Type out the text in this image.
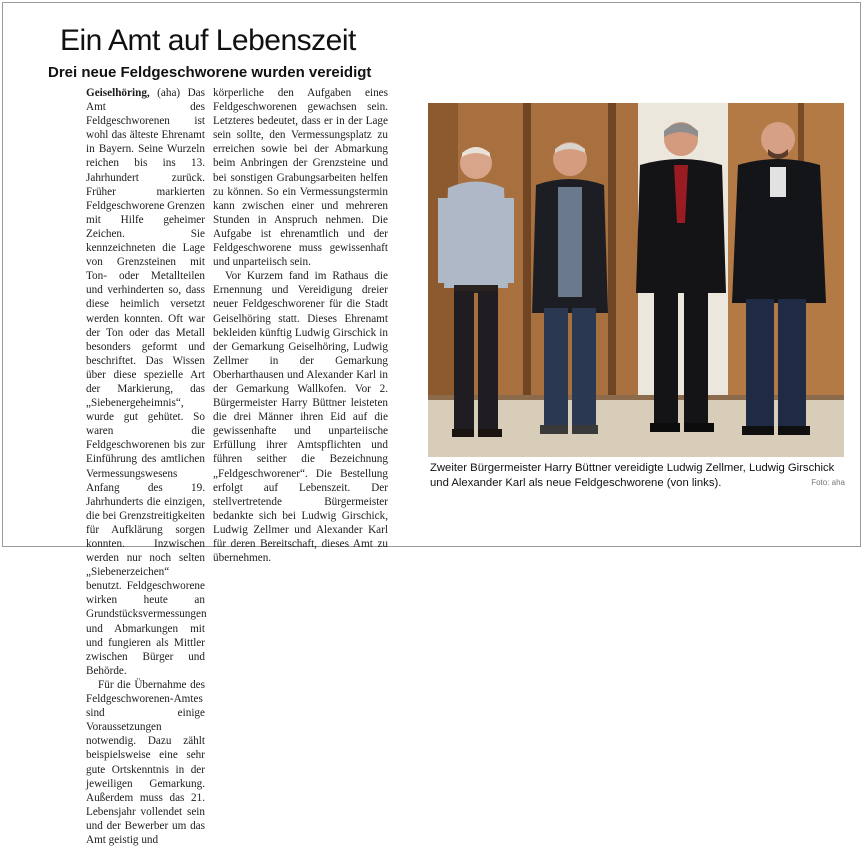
Ein Amt auf Lebenszeit
Drei neue Feldgeschworene wurden vereidigt

Geiselhöring, (aha) Das Amt des Feldgeschworenen ist wohl das älteste Ehrenamt in Bayern. Seine Wurzeln reichen bis ins 13. Jahrhundert zurück. Früher markierten Feldgeschworene Grenzen mit Hilfe geheimer Zeichen. Sie kennzeichneten die Lage von Grenzsteinen mit Ton- oder Metallteilen und verhinderten so, dass diese heimlich versetzt werden konnten. Oft war der Ton oder das Metall besonders geformt und beschriftet. Das Wissen über diese spezielle Art der Markierung, das „Siebenergeheimnis“, wurde gut gehütet. So waren die Feldgeschworenen bis zur Einführung des amtlichen Vermessungswesens Anfang des 19. Jahrhunderts die einzigen, die bei Grenzstreitigkeiten für Aufklärung sorgen konnten. Inzwischen werden nur noch selten „Siebenerzeichen“ benutzt. Feldgeschworene wirken heute an Grundstücksvermessungen und Abmarkungen mit und fungieren als Mittler zwischen Bürger und Behörde.

Für die Übernahme des Feldgeschworenen-Amtes sind einige Voraussetzungen notwendig. Dazu zählt beispielsweise eine sehr gute Ortskenntnis in der jeweiligen Gemarkung. Außerdem muss das 21. Lebensjahr vollendet sein und der Bewerber um das Amt geistig und

körperliche den Aufgaben eines Feldgeschworenen gewachsen sein. Letzteres bedeutet, dass er in der Lage sein sollte, den Vermessungsplatz zu erreichen sowie bei der Abmarkung beim Anbringen der Grenzsteine und bei sonstigen Grabungsarbeiten helfen zu können. So ein Vermessungstermin kann zwischen einer und mehreren Stunden in Anspruch nehmen. Die Aufgabe ist ehrenamtlich und der Feldgeschworene muss gewissenhaft und unparteiisch sein.

Vor Kurzem fand im Rathaus die Ernennung und Vereidigung dreier neuer Feldgeschworener für die Stadt Geiselhöring statt. Dieses Ehrenamt bekleiden künftig Ludwig Girschick in der Gemarkung Geiselhöring, Ludwig Zellmer in der Gemarkung Oberharthausen und Alexander Karl in der Gemarkung Wallkofen. Vor 2. Bürgermeister Harry Büttner leisteten die drei Männer ihren Eid auf die gewissenhafte und unparteiische Erfüllung ihrer Amtspflichten und führen seither die Bezeichnung „Feldgeschworener“. Die Bestellung erfolgt auf Lebenszeit. Der stellvertretende Bürgermeister bedankte sich bei Ludwig Girschick, Ludwig Zellmer und Alexander Karl für deren Bereitschaft, dieses Amt zu übernehmen.

Zweiter Bürgermeister Harry Büttner vereidigte Ludwig Zellmer, Ludwig Girschick und Alexander Karl als neue Feldgeschworene (von links).	Foto: aha
